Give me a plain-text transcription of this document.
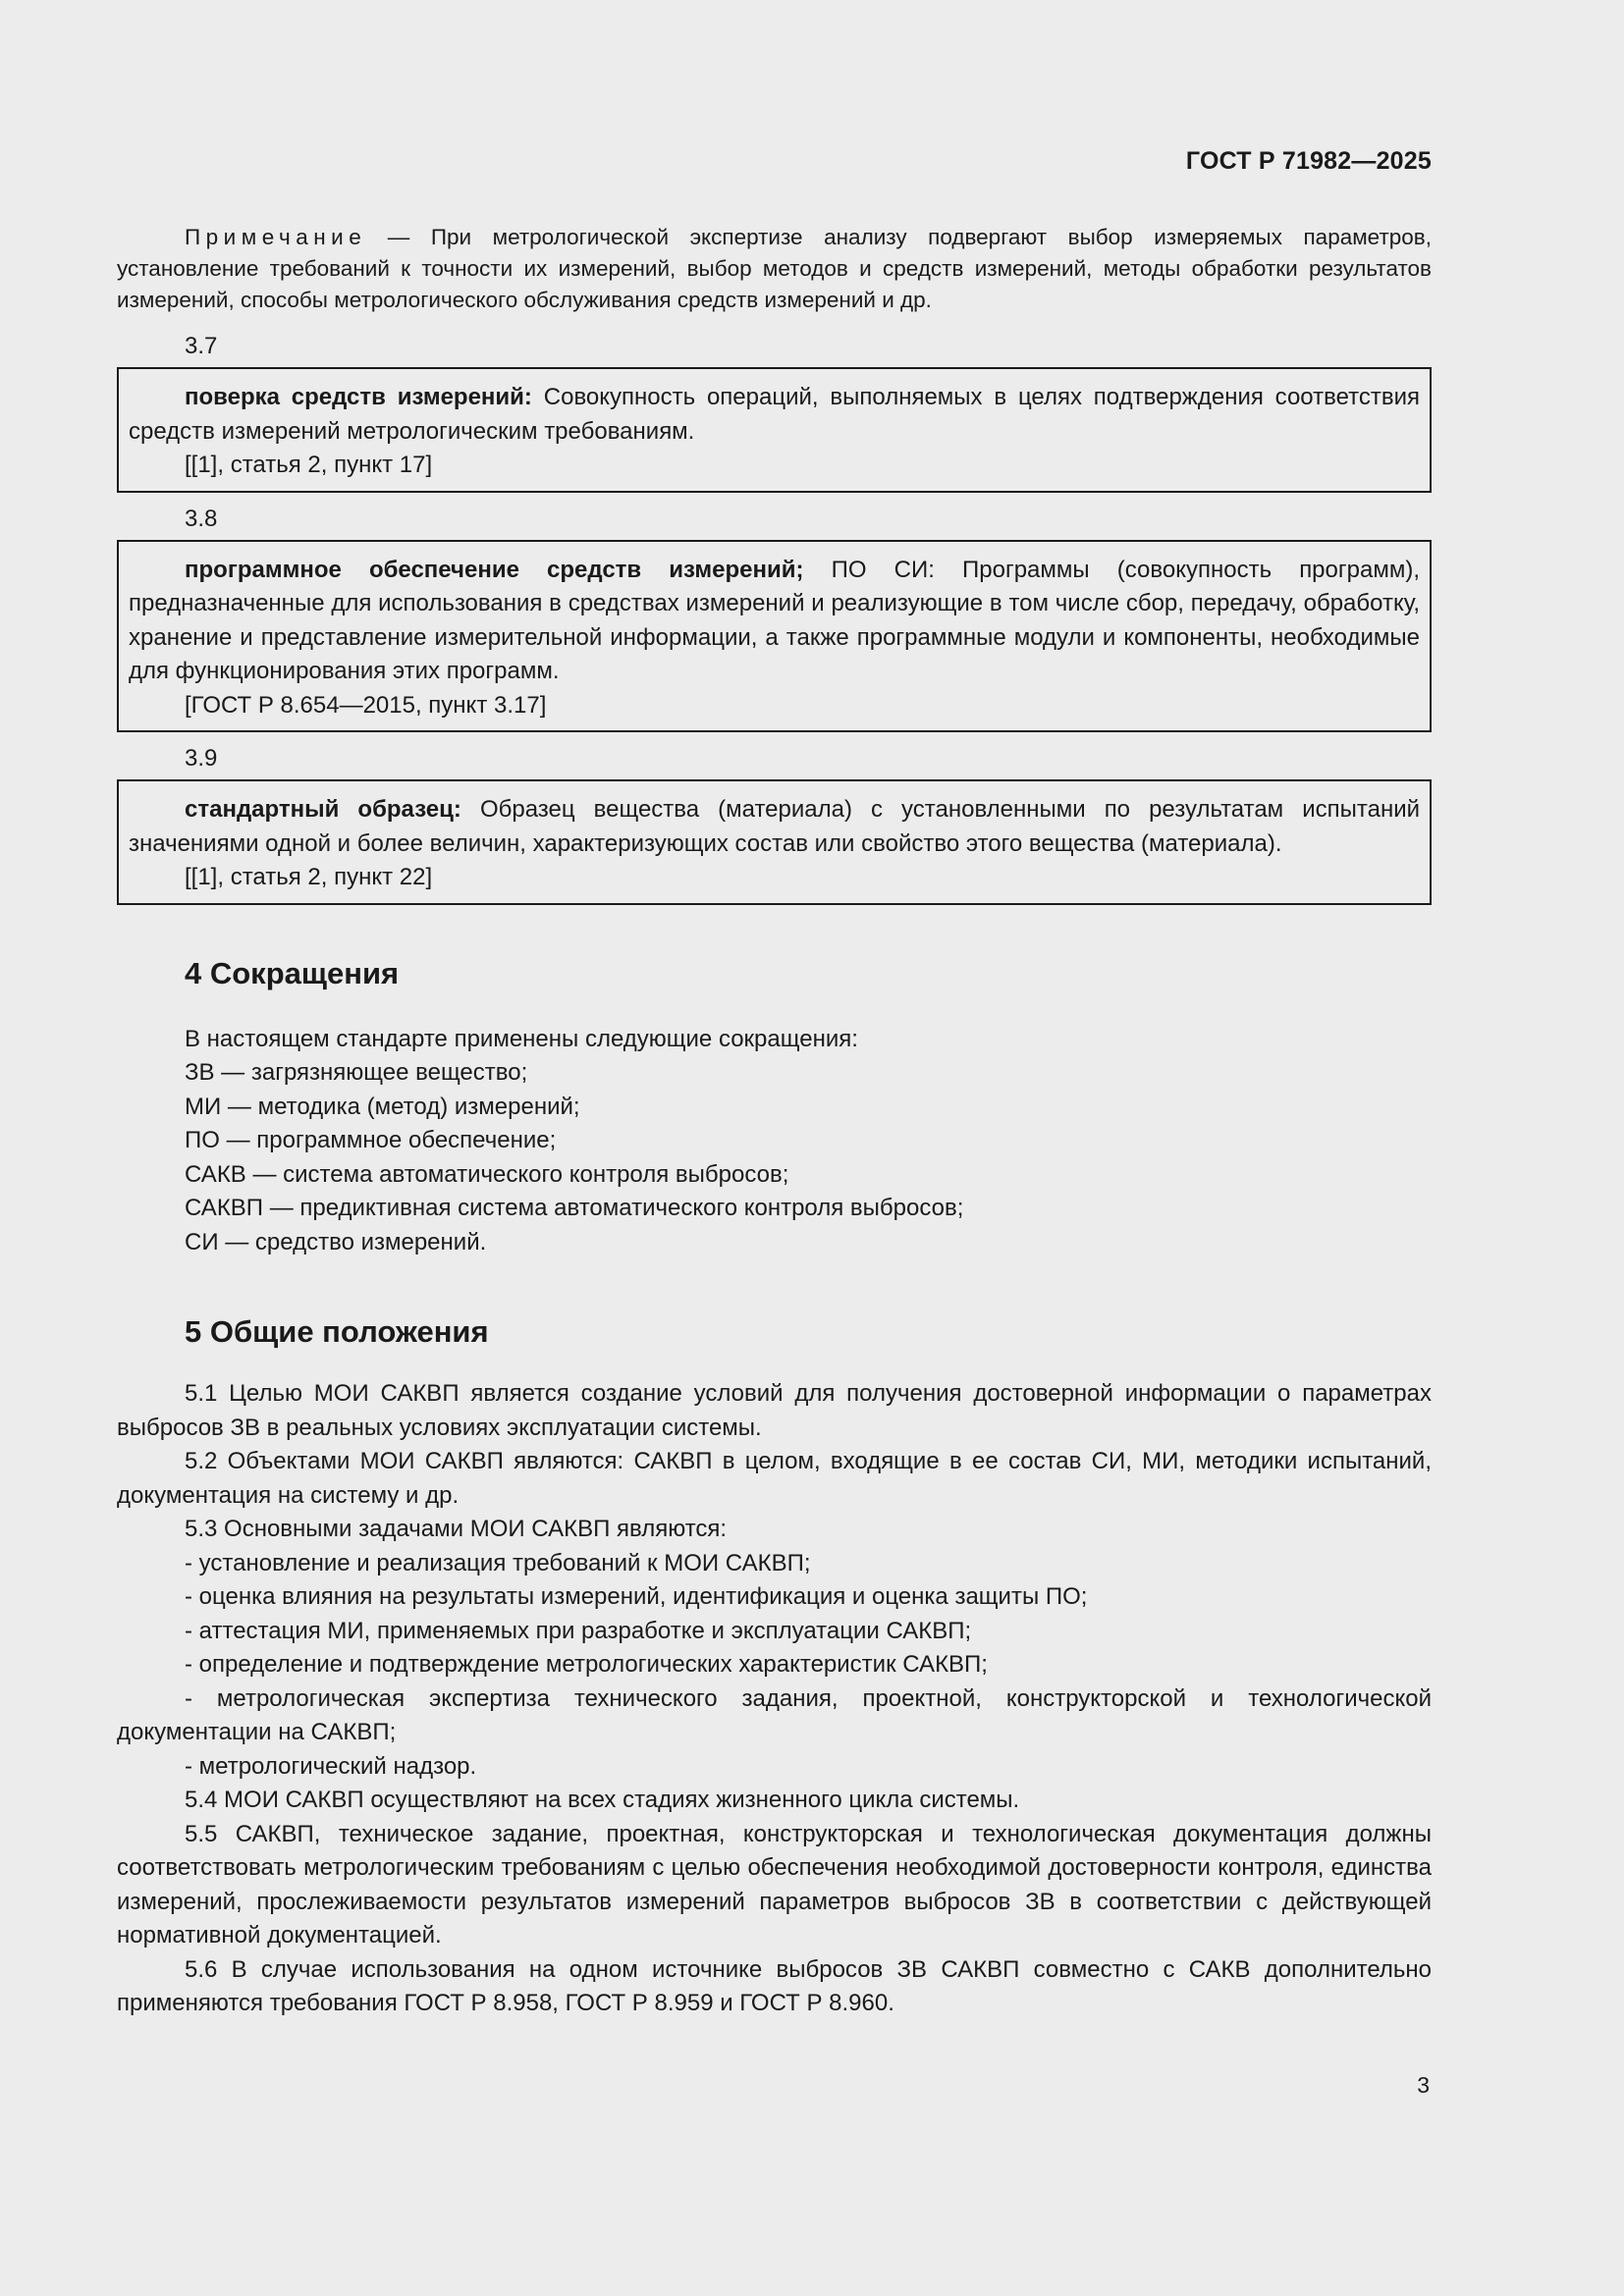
ГОСТ Р 71982—2025

Примечание — При метрологической экспертизе анализу подвергают выбор измеряемых параметров, установление требований к точности их измерений, выбор методов и средств измерений, методы обработки результатов измерений, способы метрологического обслуживания средств измерений и др.

3.7

поверка средств измерений: Совокупность операций, выполняемых в целях подтверждения соответствия средств измерений метрологическим требованиям.

[[1], статья 2, пункт 17]

3.8

программное обеспечение средств измерений; ПО СИ: Программы (совокупность программ), предназначенные для использования в средствах измерений и реализующие в том числе сбор, передачу, обработку, хранение и представление измерительной информации, а также программные модули и компоненты, необходимые для функционирования этих программ.

[ГОСТ Р 8.654—2015, пункт 3.17]

3.9

стандартный образец: Образец вещества (материала) с установленными по результатам испытаний значениями одной и более величин, характеризующих состав или свойство этого вещества (материала).

[[1], статья 2, пункт 22]

4 Сокращения

В настоящем стандарте применены следующие сокращения:

ЗВ — загрязняющее вещество;

МИ — методика (метод) измерений;

ПО — программное обеспечение;

САКВ — система автоматического контроля выбросов;

САКВП — предиктивная система автоматического контроля выбросов;

СИ — средство измерений.

5 Общие положения

5.1 Целью МОИ САКВП является создание условий для получения достоверной информации о параметрах выбросов ЗВ в реальных условиях эксплуатации системы.

5.2 Объектами МОИ САКВП являются: САКВП в целом, входящие в ее состав СИ, МИ, методики испытаний, документация на систему и др.

5.3 Основными задачами МОИ САКВП являются:

- установление и реализация требований к МОИ САКВП;

- оценка влияния на результаты измерений, идентификация и оценка защиты ПО;

- аттестация МИ, применяемых при разработке и эксплуатации САКВП;

- определение и подтверждение метрологических характеристик САКВП;

- метрологическая экспертиза технического задания, проектной, конструкторской и технологической документации на САКВП;

- метрологический надзор.

5.4 МОИ САКВП осуществляют на всех стадиях жизненного цикла системы.

5.5 САКВП, техническое задание, проектная, конструкторская и технологическая документация должны соответствовать метрологическим требованиям с целью обеспечения необходимой достоверности контроля, единства измерений, прослеживаемости результатов измерений параметров выбросов ЗВ в соответствии с действующей нормативной документацией.

5.6 В случае использования на одном источнике выбросов ЗВ САКВП совместно с САКВ дополнительно применяются требования ГОСТ Р 8.958, ГОСТ Р 8.959 и ГОСТ Р 8.960.

3
